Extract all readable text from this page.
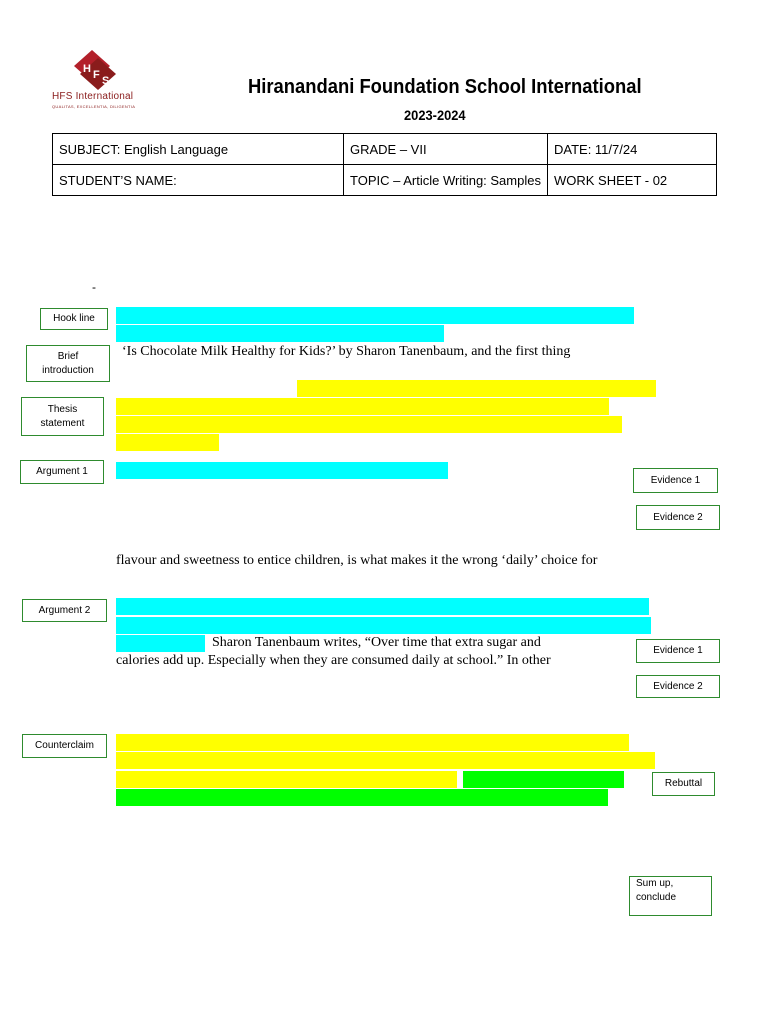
H F S
HFS International
QUALITAS, EXCELLENTIA, DILIGENTIA
Hiranandani Foundation School International
2023-2024
SUBJECT: English Language	GRADE – VII	DATE: 11/7/24
STUDENT’S NAME:	TOPIC – Article Writing: Samples	WORK SHEET - 02
-
Hook line
Brief
introduction
‘Is Chocolate Milk Healthy for Kids?’ by Sharon Tanenbaum, and the first thing
Thesis
statement
Argument 1
Evidence 1
Evidence 2
flavour and sweetness to entice children, is what makes it the wrong ‘daily’ choice for
Argument 2
Sharon Tanenbaum writes, “Over time that extra sugar and
calories add up. Especially when they are consumed daily at school.” In other
Evidence 1
Evidence 2
Counterclaim
Rebuttal
Sum up,
conclude
